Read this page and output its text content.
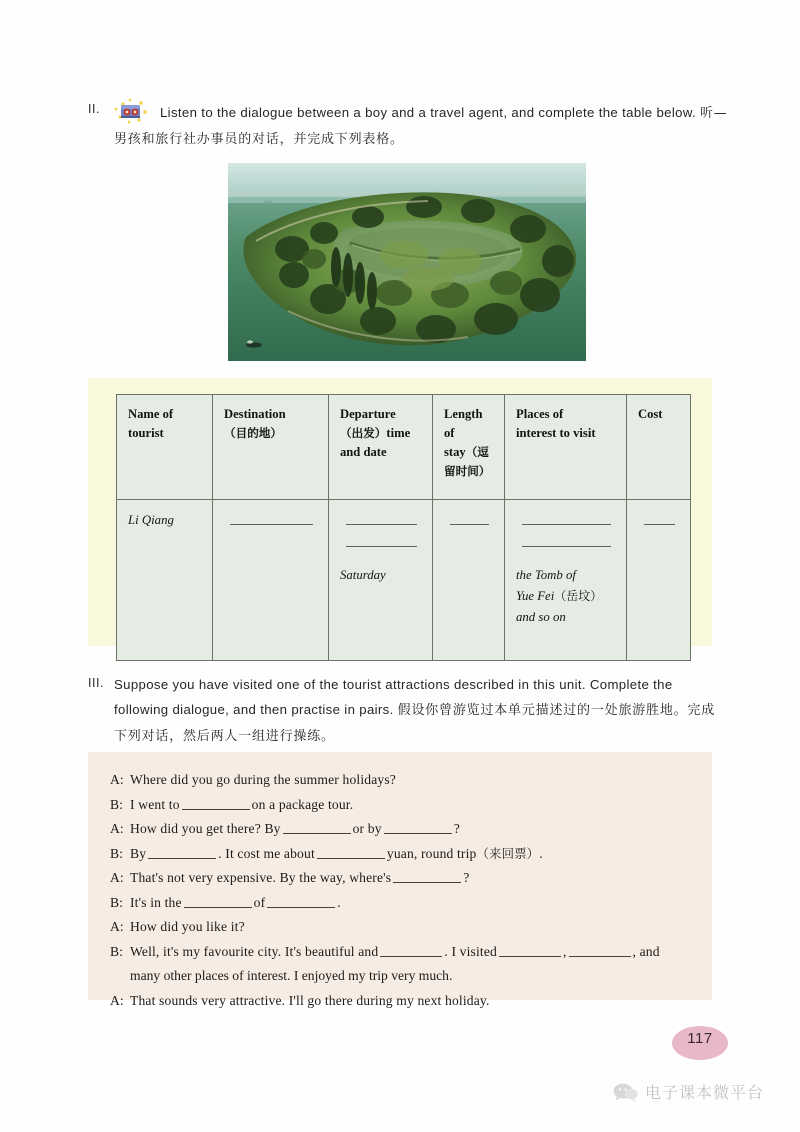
II.	Listen to the dialogue between a boy and a travel agent, and complete the table below. 听—男孩和旅行社办事员的对话，并完成下列表格。
Name of
tourist	Destination
（目的地）	Departure
（出发）time
and date	Length of
stay（逗留时间）	Places of
interest to visit	Cost
Li Qiang		Saturday		the Tomb of
Yue Fei（岳坟）
and so on	

III. Suppose you have visited one of the tourist attractions described in this unit. Complete the following dialogue, and then practise in pairs. 假设你曾游览过本单元描述过的一处旅游胜地。完成下列对话，然后两人一组进行操练。
A: Where did you go during the summer holidays?
B: I went to	on a package tour.
A: How did you get there? By	or by	?
B: By	. It cost me about	yuan, round trip（来回票）.
A: That's not very expensive. By the way, where's	?
B: It's in the	of	.
A: How did you like it?
B: Well, it's my favourite city. It's beautiful and	. I visited	,	, and
many other places of interest. I enjoyed my trip very much.
A: That sounds very attractive. I'll go there during my next holiday.
117
电子课本微平台
